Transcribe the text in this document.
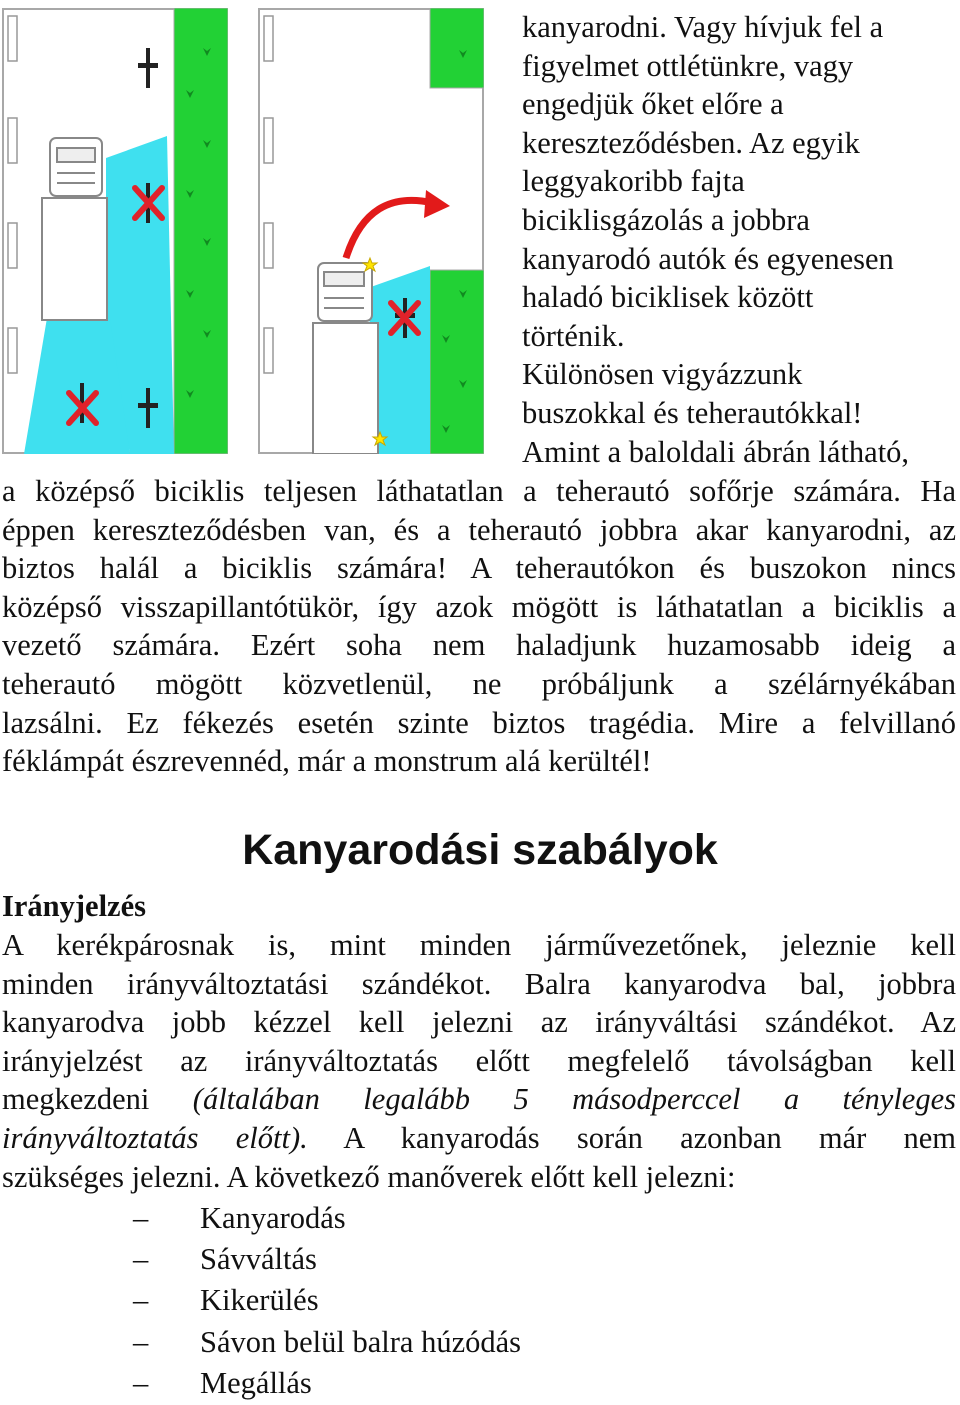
kanyarodni. Vagy hívjuk fel a
figyelmet ottlétünkre, vagy
engedjük őket előre a
kereszteződésben. Az egyik
leggyakoribb fajta
biciklisgázolás a jobbra
kanyarodó autók és egyenesen
haladó biciklisek között
történik.
Különösen vigyázzunk
buszokkal és teherautókkal!
Amint a baloldali ábrán látható,
a középső biciklis teljesen láthatatlan a teherautó sofőrje számára. Ha
éppen kereszteződésben van, és a teherautó jobbra akar kanyarodni, az
biztos halál a biciklis számára! A teherautókon és buszokon nincs
középső visszapillantótükör, így azok mögött is láthatatlan a biciklis a
vezető számára. Ezért soha nem haladjunk huzamosabb ideig a
teherautó mögött közvetlenül, ne próbáljunk a szélárnyékában
lazsálni. Ez fékezés esetén szinte biztos tragédia. Mire a felvillanó
féklámpát észrevennéd, már a monstrum alá kerültél!
Kanyarodási szabályok
Irányjelzés
A kerékpárosnak is, mint minden járművezetőnek, jeleznie kell
minden irányváltoztatási szándékot. Balra kanyarodva bal, jobbra
kanyarodva jobb kézzel kell jelezni az irányváltási szándékot. Az
irányjelzést az irányváltoztatás előtt megfelelő távolságban kell
megkezdeni (általában legalább 5 másodperccel a tényleges
irányváltoztatás előtt). A kanyarodás során azonban már nem
szükséges jelezni. A következő manőverek előtt kell jelezni:
– Kanyarodás
– Sávváltás
– Kikerülés
– Sávon belül balra húzódás
– Megállás
